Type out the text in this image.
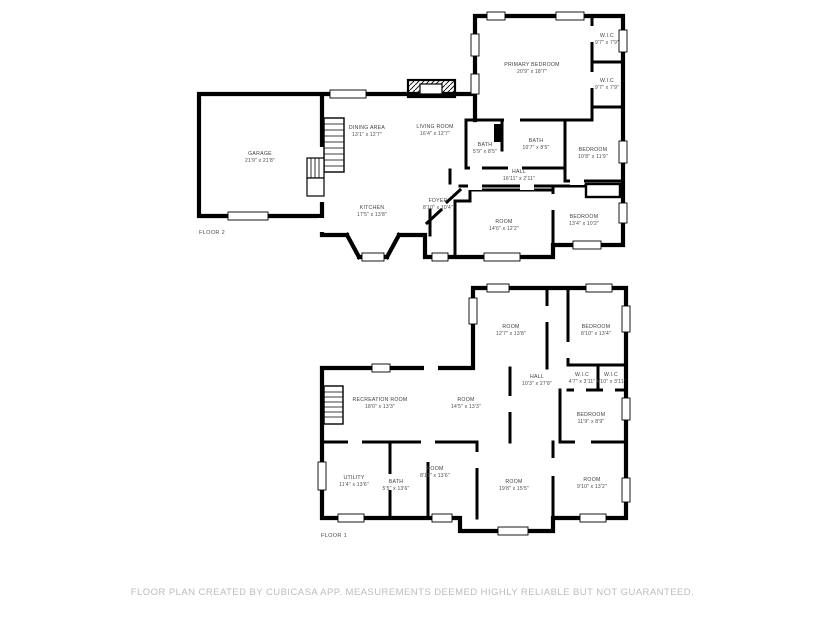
GARAGE
21'9" x 21'8"
DINING AREA
13'1" x 12'7"
LIVING ROOM
16'4" x 12'7"
KITCHEN
17'5" x 13'8"
FOYER
8'10" x 10'4"
BATH
5'9" x 8'5"
BATH
10'7" x 8'5"
HALL
16'11" x 2'11"
PRIMARY BEDROOM
20'9" x 18'7"
W.I.C
9'7" x 7'9"
W.I.C
9'7" x 7'9"
BEDROOM
10'8" x 11'9"
BEDROOM
13'4" x 10'2"
ROOM
14'6" x 12'2"
ROOM
12'7" x 13'8"
BEDROOM
8'10" x 13'4"
HALL
10'3" x 27'8"
W.I.C
4'7" x 3'11"
W.I.C
4'10" x 3'11"
BEDROOM
11'9" x 8'9"
RECREATION ROOM
18'0" x 13'3"
ROOM
14'5" x 13'3"
UTILITY
11'4" x 13'6"	BATH
5'5" x 13'6"
ROOM
8'11" x 13'6"
ROOM
19'8" x 15'5"
ROOM
9'10" x 13'2"
FLOOR 2
FLOOR 1
FLOOR PLAN CREATED BY CUBICASA APP. MEASUREMENTS DEEMED HIGHLY RELIABLE BUT NOT GUARANTEED.
